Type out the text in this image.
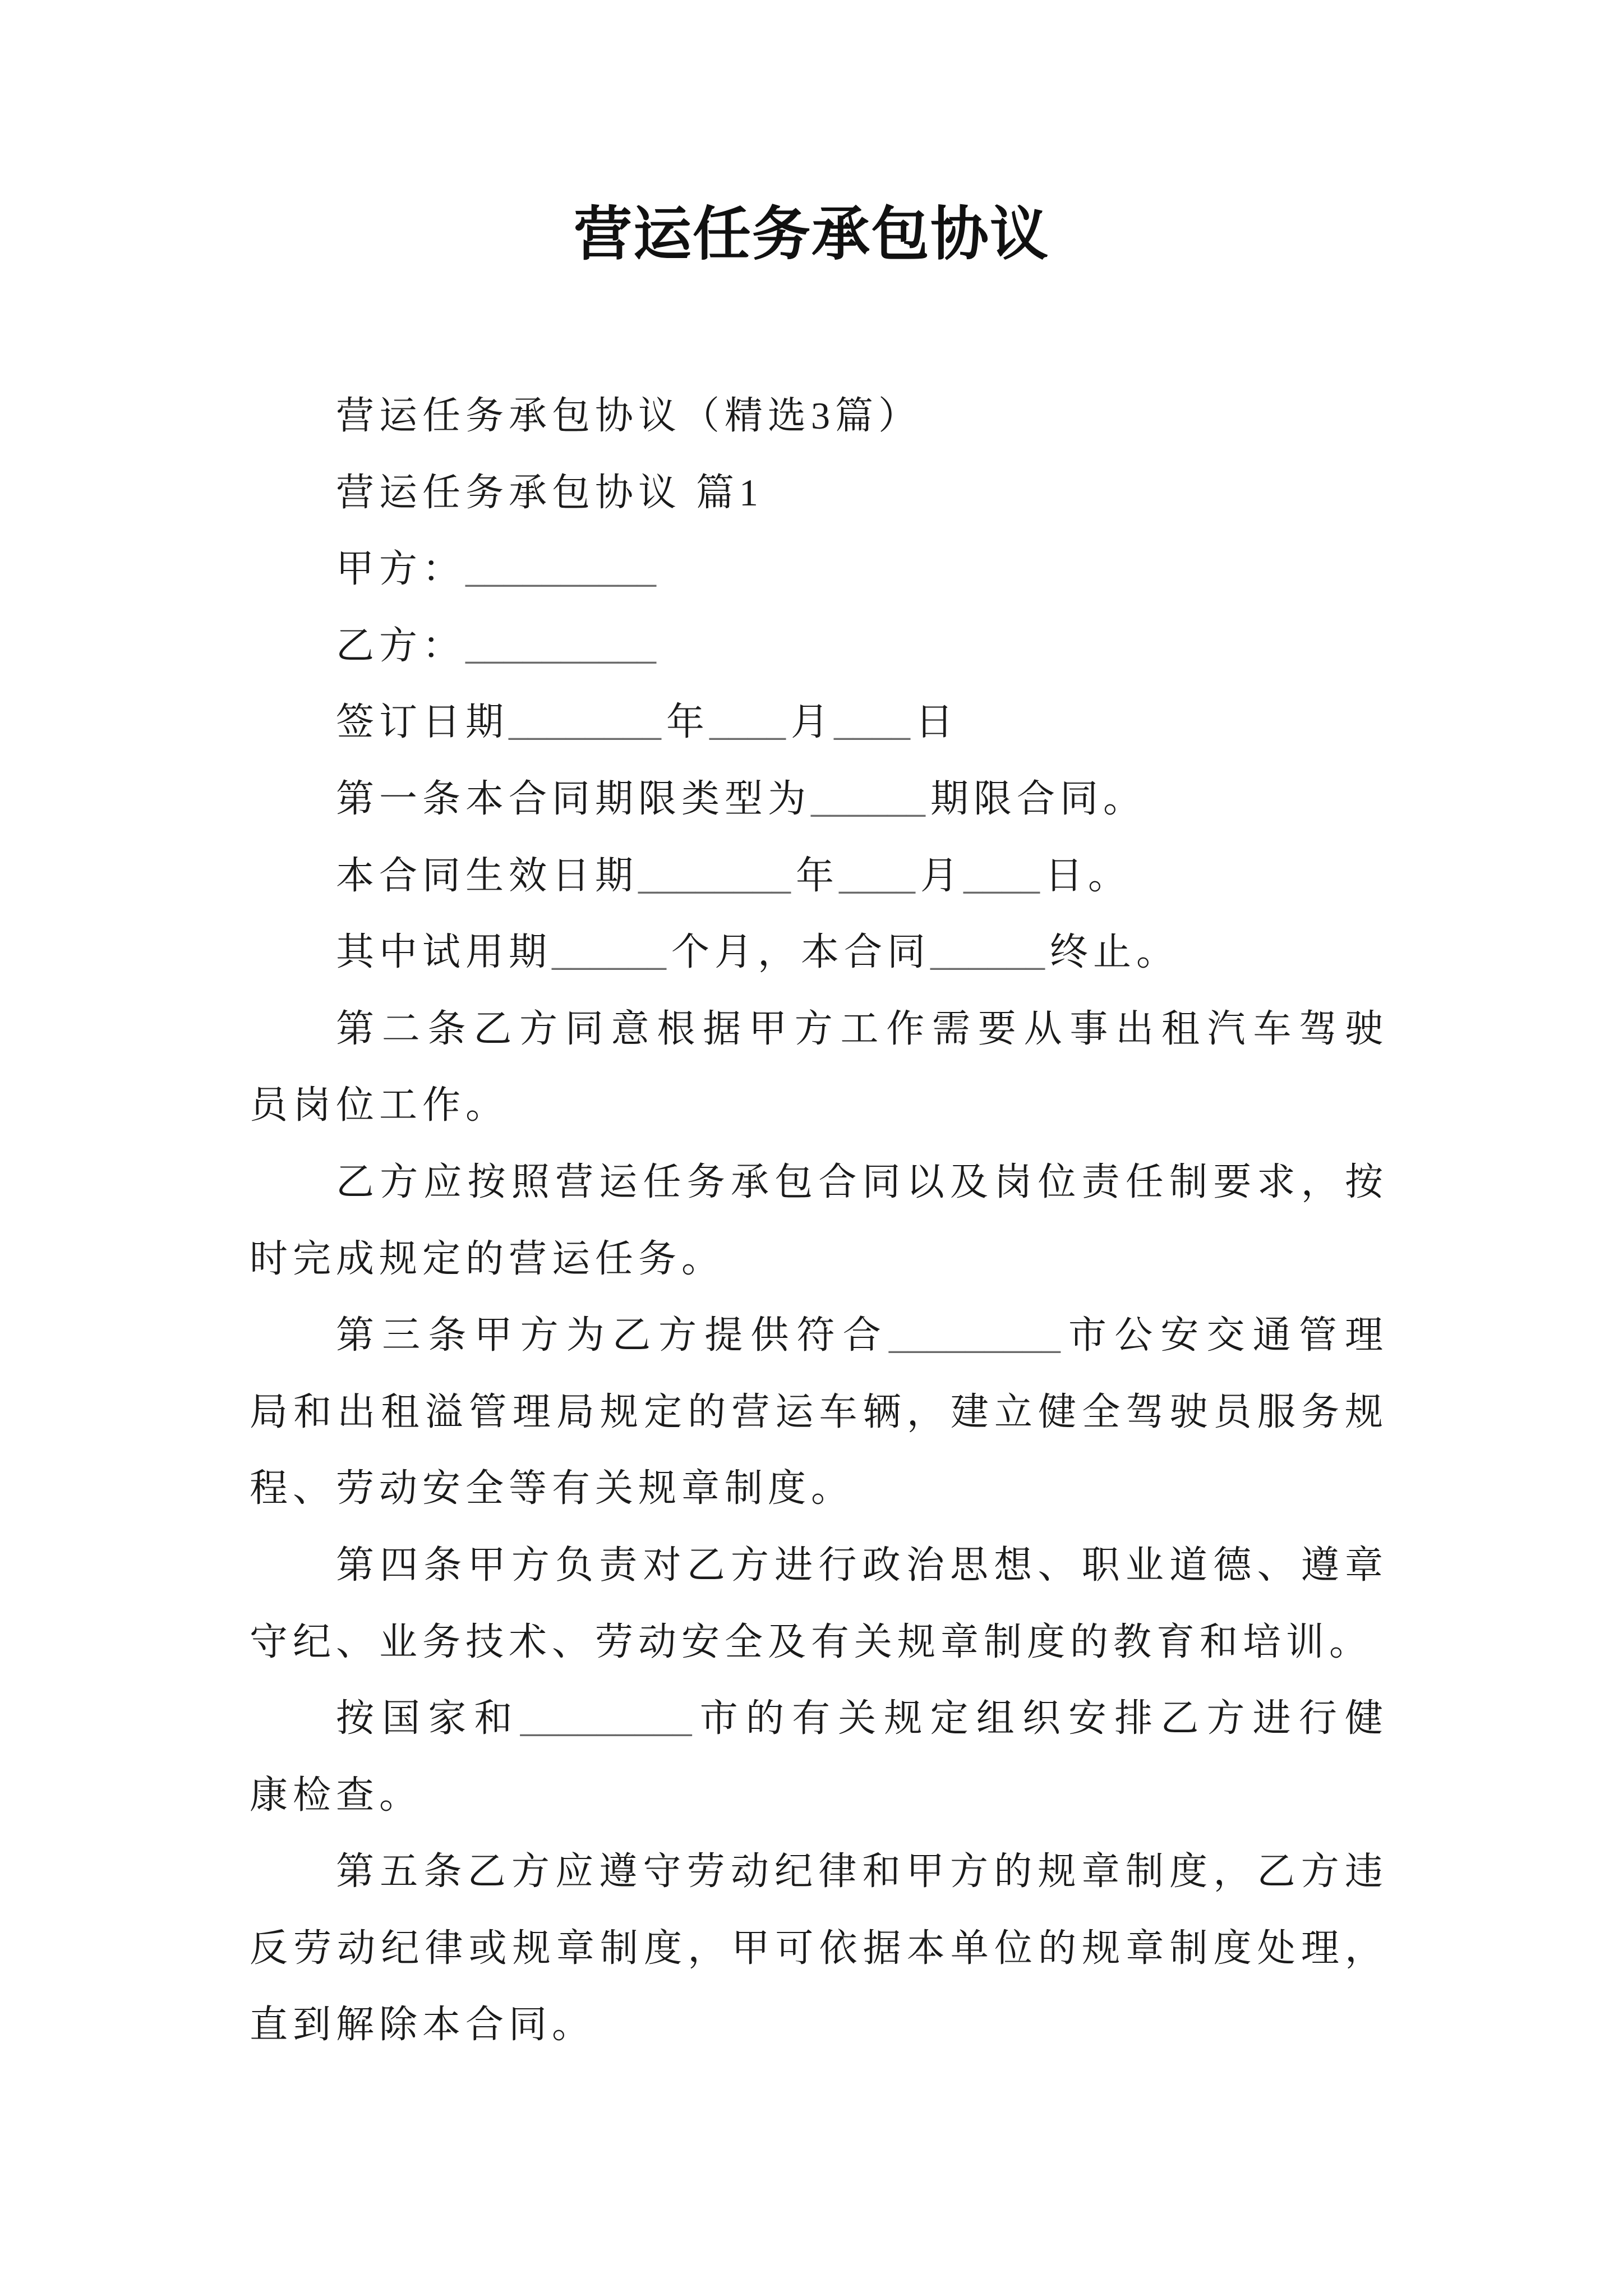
营运任务承包协议
营运任务承包协议（精选3篇）
营运任务承包协议 篇1
甲方：__________
乙方：__________
签订日期________ 年____ 月____ 日
第一条本合同期限类型为______ 期限合同。
本合同生效日期________ 年____ 月____ 日。
其中试用期______ 个月，本合同______ 终止。
第二条乙方同意根据甲方工作需要从事出租汽车驾驶
员岗位工作。
乙方应按照营运任务承包合同以及岗位责任制要求，按
时完成规定的营运任务。
第三条甲方为乙方提供符合_________ 市公安交通管理
局和出租溢管理局规定的营运车辆，建立健全驾驶员服务规
程、劳动安全等有关规章制度。
第四条甲方负责对乙方进行政治思想、职业道德、遵章
守纪、业务技术、劳动安全及有关规章制度的教育和培训。
按国家和_________ 市的有关规定组织安排乙方进行健
康检查。
第五条乙方应遵守劳动纪律和甲方的规章制度，乙方违
反劳动纪律或规章制度，甲可依据本单位的规章制度处理，
直到解除本合同。
